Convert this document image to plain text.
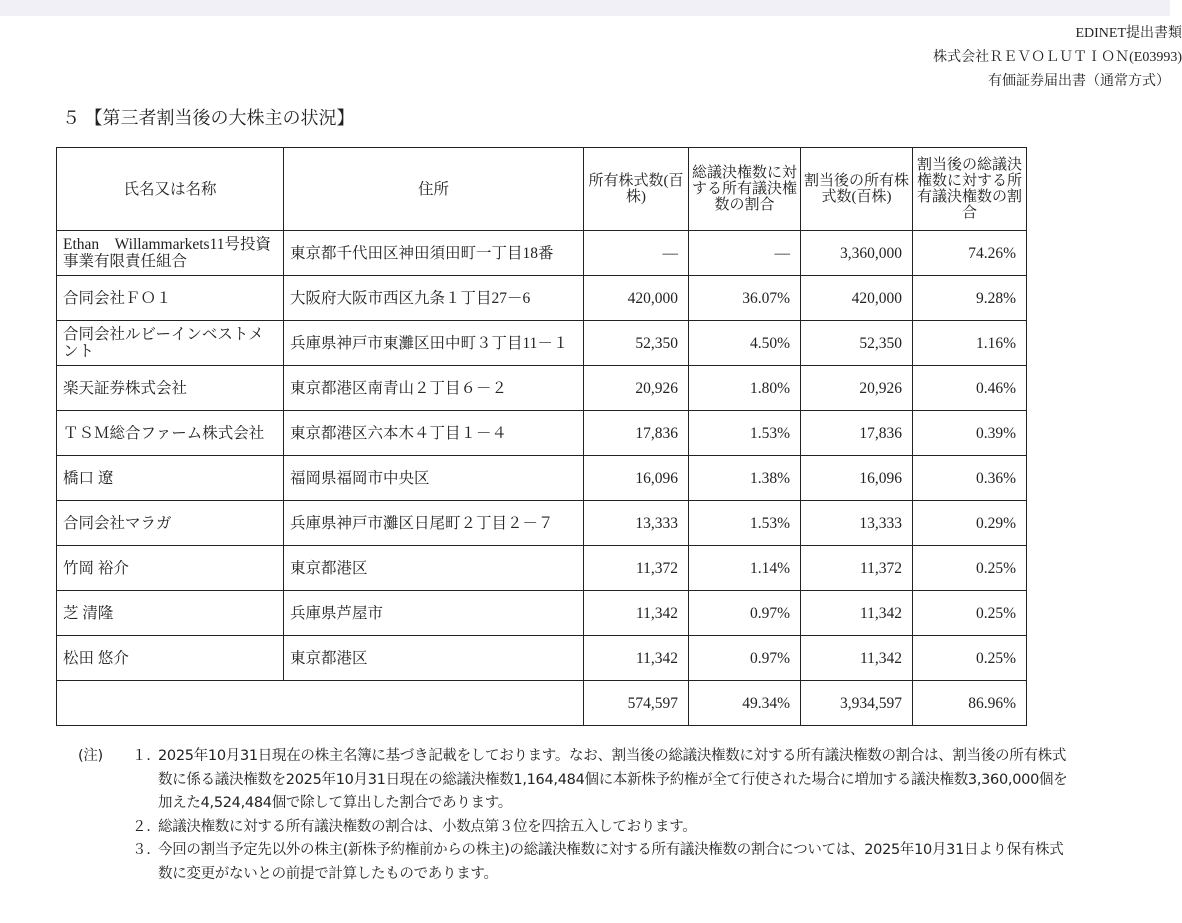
EDINET提出書類
株式会社ＲＥＶＯＬＵＴＩＯＮ(E03993)
有価証券届出書（通常方式）
５ 【第三者割当後の大株主の状況】
氏名又は名称	住所	所有株式数(百株)	総議決権数に対する所有議決権数の割合	割当後の所有株式数(百株)	割当後の総議決権数に対する所有議決権数の割合
Ethan　Willammarkets11号投資事業有限責任組合	東京都千代田区神田須田町一丁目18番	—	—	3,360,000	74.26%
合同会社ＦＯ１	大阪府大阪市西区九条１丁目27－6	420,000	36.07%	420,000	9.28%
合同会社ルビーインベストメント	兵庫県神戸市東灘区田中町３丁目11－１	52,350	4.50%	52,350	1.16%
楽天証券株式会社	東京都港区南青山２丁目６－２	20,926	1.80%	20,926	0.46%
ＴＳＭ総合ファーム株式会社	東京都港区六本木４丁目１－４	17,836	1.53%	17,836	0.39%
橋口 遼	福岡県福岡市中央区	16,096	1.38%	16,096	0.36%
合同会社マラガ	兵庫県神戸市灘区日尾町２丁目２－７	13,333	1.53%	13,333	0.29%
竹岡 裕介	東京都港区	11,372	1.14%	11,372	0.25%
芝 清隆	兵庫県芦屋市	11,342	0.97%	11,342	0.25%
松田 悠介	東京都港区	11,342	0.97%	11,342	0.25%
		574,597	49.34%	3,934,597	86.96%
(注)	１. 2025年10月31日現在の株主名簿に基づき記載をしております。なお、割当後の総議決権数に対する所有議決権数の割合は、割当後の所有株式数に係る議決権数を2025年10月31日現在の総議決権数1,164,484個に本新株予約権が全て行使された場合に増加する議決権数3,360,000個を加えた4,524,484個で除して算出した割合であります。
２. 総議決権数に対する所有議決権数の割合は、小数点第３位を四捨五入しております。
３. 今回の割当予定先以外の株主(新株予約権前からの株主)の総議決権数に対する所有議決権数の割合については、2025年10月31日より保有株式数に変更がないとの前提で計算したものであります。
